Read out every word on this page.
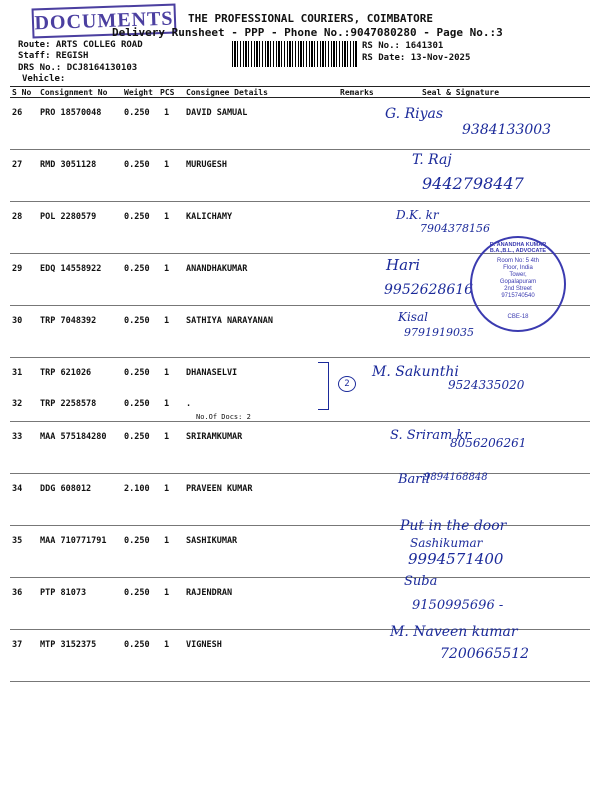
DOCUMENTS THE PROFESSIONAL COURIERS, COIMBATORE
Delivery Runsheet - PPP - Phone No.:9047080280 - Page No.:3
Route: ARTS COLLEG ROAD
Staff: REGISH
DRS No.: DCJ8164130103
Vehicle:
RS No.: 1641301
RS Date: 13-Nov-2025
S No	Consignment No	Weight	PCS	Consignee Details	Remarks	Seal & Signature
26	PRO 18570048	0.250	1	DAVID SAMUAL		
27	RMD 3051128	0.250	1	MURUGESH		
28	POL 2280579	0.250	1	KALICHAMY		
29	EDQ 14558922	0.250	1	ANANDHAKUMAR		
30	TRP 7048392	0.250	1	SATHIYA NARAYANAN		
31	TRP 621026	0.250	1	DHANASELVI		
32	TRP 2258578	0.250	1	.
No.Of Docs: 2		

33	MAA 575184280	0.250	1	SRIRAMKUMAR		
34	DDG 608012	2.100	1	PRAVEEN KUMAR		
35	MAA 710771791	0.250	1	SASHIKUMAR		
36	PTP 81073	0.250	1	RAJENDRAN		
37	MTP 3152375	0.250	1	VIGNESH		
G. Riyas
9384133003
T. Raj
9442798447
D.K. kr
7904378156
Hari
9952628616
Kisal
9791919035
M. Sakunthi
9524335020
2
S. Sriram kr
8056206261
Baril
9894168848
Put in the door
Sashikumar
9994571400
Suba
9150995696 -
M. Naveen kumar
7200665512
R. ANANDHA KUMAR B.A.,B.L., ADVOCATE
Room No: 5 4th Floor, India Tower, Gopalapuram 2nd Street 9715740540
CBE-18
